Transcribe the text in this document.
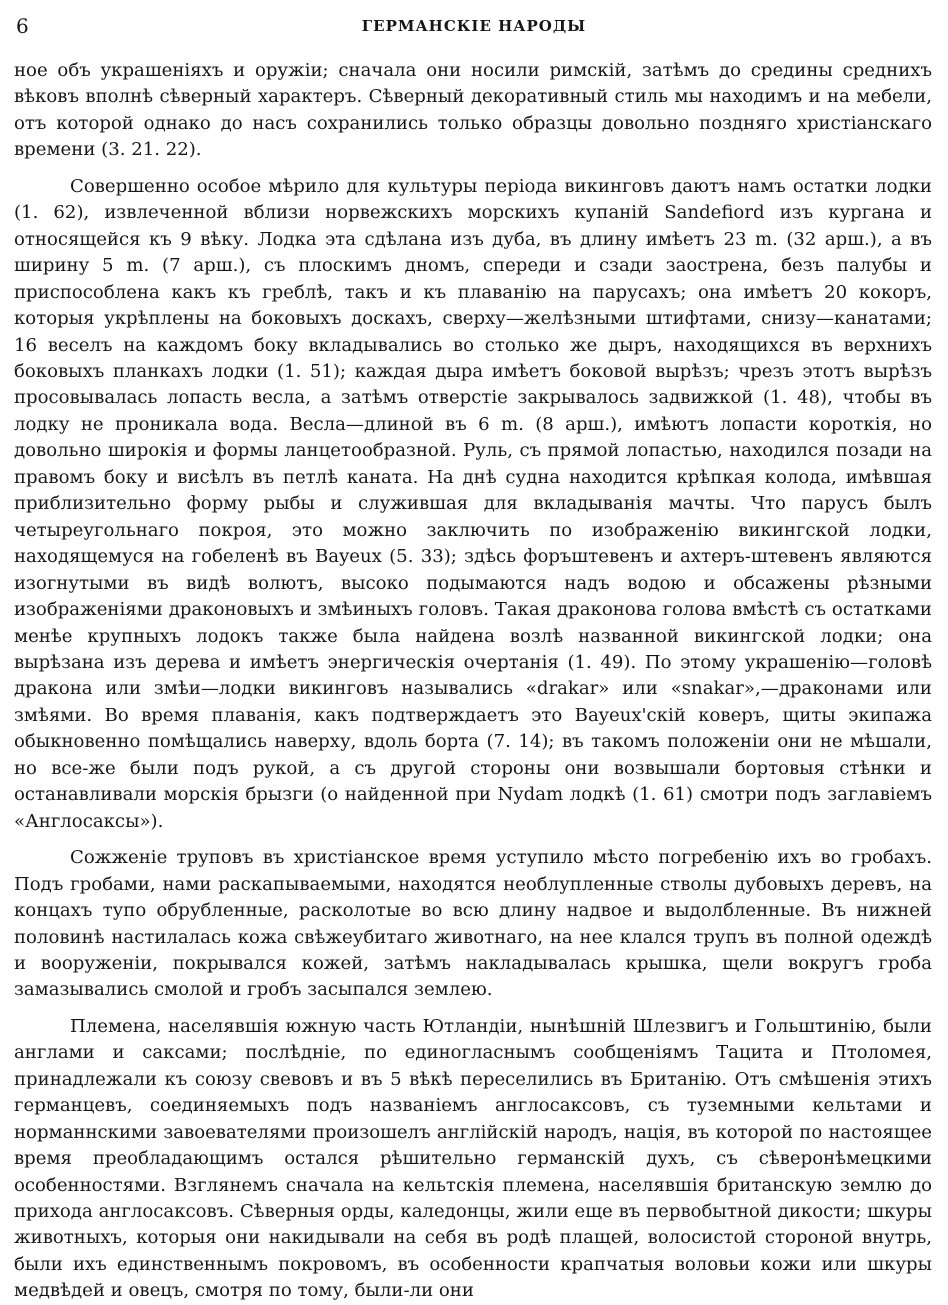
6	ГЕРМАНСКІЕ НАРОДЫ

ное объ украшеніяхъ и оружіи; сначала они носили римскій, затѣмъ до средины среднихъ вѣковъ вполнѣ сѣверный характеръ. Сѣверный декоративный стиль мы находимъ и на мебели, отъ которой однако до насъ сохранились только образцы довольно поздняго христіанскаго времени (3. 21. 22).

Совершенно особое мѣрило для культуры періода викинговъ даютъ намъ остатки лодки (1. 62), извлеченной вблизи норвежскихъ морскихъ купаній Sandefiord изъ кургана и относящейся къ 9 вѣку. Лодка эта сдѣлана изъ дуба, въ длину имѣетъ 23 m. (32 арш.), а въ ширину 5 m. (7 арш.), съ плоскимъ дномъ, спереди и сзади заострена, безъ палубы и приспособлена какъ къ греблѣ, такъ и къ плаванію на парусахъ; она имѣетъ 20 кокоръ, которыя укрѣплены на боковыхъ доскахъ, сверху—желѣзными штифтами, снизу—канатами; 16 веселъ на каждомъ боку вкладывались во столько же дыръ, находящихся въ верхнихъ боковыхъ планкахъ лодки (1. 51); каждая дыра имѣетъ боковой вырѣзъ; чрезъ этотъ вырѣзъ просовывалась лопасть весла, а затѣмъ отверстіе закрывалось задвижкой (1. 48), чтобы въ лодку не проникала вода. Весла—длиной въ 6 m. (8 арш.), имѣютъ лопасти короткія, но довольно широкія и формы ланцетообразной. Руль, съ прямой лопастью, находился позади на правомъ боку и висѣлъ въ петлѣ каната. На днѣ судна находится крѣпкая колода, имѣвшая приблизительно форму рыбы и служившая для вкладыванія мачты. Что парусъ былъ четыреугольнаго покроя, это можно заключить по изображенію викингской лодки, находящемуся на гобеленѣ въ Bayeux (5. 33); здѣсь форъштевенъ и ахтеръ-штевенъ являются изогнутыми въ видѣ волютъ, высоко подымаются надъ водою и обсажены рѣзными изображеніями драконовыхъ и змѣиныхъ головъ. Такая драконова голова вмѣстѣ съ остатками менѣе крупныхъ лодокъ также была найдена возлѣ названной викингской лодки; она вырѣзана изъ дерева и имѣетъ энергическія очертанія (1. 49). По этому украшенію—головѣ дракона или змѣи—лодки викинговъ назывались «drakar» или «snakar»,—драконами или змѣями. Во время плаванія, какъ подтверждаетъ это Bayeux'скій коверъ, щиты экипажа обыкновенно помѣщались наверху, вдоль борта (7. 14); въ такомъ положеніи они не мѣшали, но все-же были подъ рукой, а съ другой стороны они возвышали бортовыя стѣнки и останавливали морскія брызги (о найденной при Nydam лодкѣ (1. 61) смотри подъ заглавіемъ «Англосаксы»).

Сожженіе труповъ въ христіанское время уступило мѣсто погребенію ихъ во гробахъ. Подъ гробами, нами раскапываемыми, находятся необлупленные стволы дубовыхъ деревъ, на концахъ тупо обрубленные, расколотые во всю длину надвое и выдолбленные. Въ нижней половинѣ настилалась кожа свѣжеубитаго животнаго, на нее клался трупъ въ полной одеждѣ и вооруженіи, покрывался кожей, затѣмъ накладывалась крышка, щели вокругъ гроба замазывались смолой и гробъ засыпался землею.

Племена, населявшія южную часть Ютландіи, нынѣшній Шлезвигъ и Гольштинію, были англами и саксами; послѣдніе, по единогласнымъ сообщеніямъ Тацита и Птоломея, принадлежали къ союзу свевовъ и въ 5 вѣкѣ переселились въ Британію. Отъ смѣшенія этихъ германцевъ, соединяемыхъ подъ названіемъ англосаксовъ, съ туземными кельтами и норманнскими завоевателями произошелъ англійскій народъ, нація, въ которой по настоящее время преобладающимъ остался рѣшительно германскій духъ, съ сѣверонѣмецкими особенностями. Взглянемъ сначала на кельтскія племена, населявшія британскую землю до прихода англосаксовъ. Сѣверныя орды, каледонцы, жили еще въ первобытной дикости; шкуры животныхъ, которыя они накидывали на себя въ родѣ плащей, волосистой стороной внутрь, были ихъ единственнымъ покровомъ, въ особенности крапчатыя воловьи кожи или шкуры медвѣдей и овецъ, смотря по тому, были-ли они
